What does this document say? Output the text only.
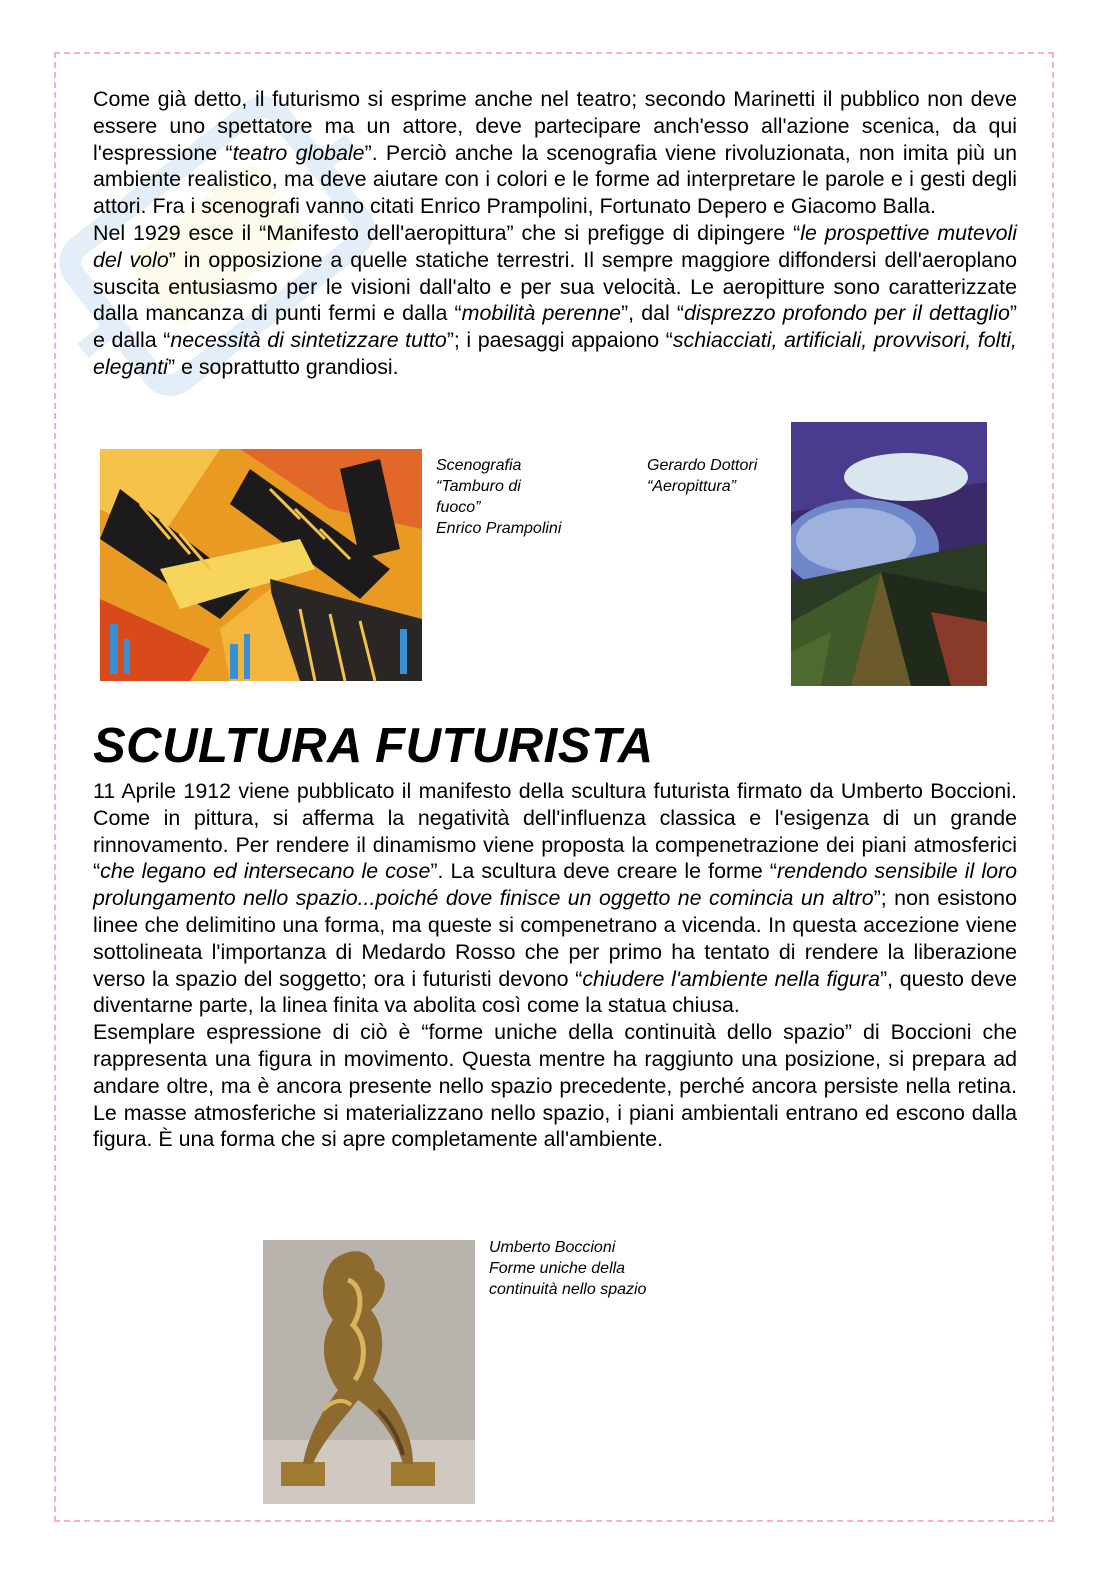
Come già detto, il futurismo si esprime anche nel teatro; secondo Marinetti il pubblico non deve essere uno spettatore ma un attore, deve partecipare anch'esso all'azione scenica, da qui l'espressione “teatro globale”. Perciò anche la scenografia viene rivoluzionata, non imita più un ambiente realistico, ma deve aiutare con i colori e le forme ad interpretare le parole e i gesti degli attori. Fra i scenografi vanno citati Enrico Prampolini, Fortunato Depero e Giacomo Balla.

Nel 1929 esce il “Manifesto dell'aeropittura” che si prefigge di dipingere “le prospettive mutevoli del volo” in opposizione a quelle statiche terrestri. Il sempre maggiore diffondersi dell'aeroplano suscita entusiasmo per le visioni dall'alto e per sua velocità. Le aeropitture sono caratterizzate dalla mancanza di punti fermi e dalla “mobilità perenne”, dal “disprezzo profondo per il dettaglio” e dalla “necessità di sintetizzare tutto”; i paesaggi appaiono “schiacciati, artificiali, provvisori, folti, eleganti” e soprattutto grandiosi.

Scenografia
“Tamburo di
fuoco”
Enrico Prampolini
Gerardo Dottori
“Aeropittura”
SCULTURA FUTURISTA

11 Aprile 1912 viene pubblicato il manifesto della scultura futurista firmato da Umberto Boccioni. Come in pittura, si afferma la negatività dell'influenza classica e l'esigenza di un grande rinnovamento. Per rendere il dinamismo viene proposta la compenetrazione dei piani atmosferici “che legano ed intersecano le cose”. La scultura deve creare le forme “rendendo sensibile il loro prolungamento nello spazio...poiché dove finisce un oggetto ne comincia un altro”; non esistono linee che delimitino una forma, ma queste si compenetrano a vicenda. In questa accezione viene sottolineata l'importanza di Medardo Rosso che per primo ha tentato di rendere la liberazione verso la spazio del soggetto; ora i futuristi devono “chiudere l'ambiente nella figura”, questo deve diventarne parte, la linea finita va abolita così come la statua chiusa.

Esemplare espressione di ciò è “forme uniche della continuità dello spazio” di Boccioni che rappresenta una figura in movimento. Questa mentre ha raggiunto una posizione, si prepara ad andare oltre, ma è ancora presente nello spazio precedente, perché ancora persiste nella retina. Le masse atmosferiche si materializzano nello spazio, i piani ambientali entrano ed escono dalla figura. È una forma che si apre completamente all'ambiente.

Umberto Boccioni
Forme uniche della
continuità nello spazio
